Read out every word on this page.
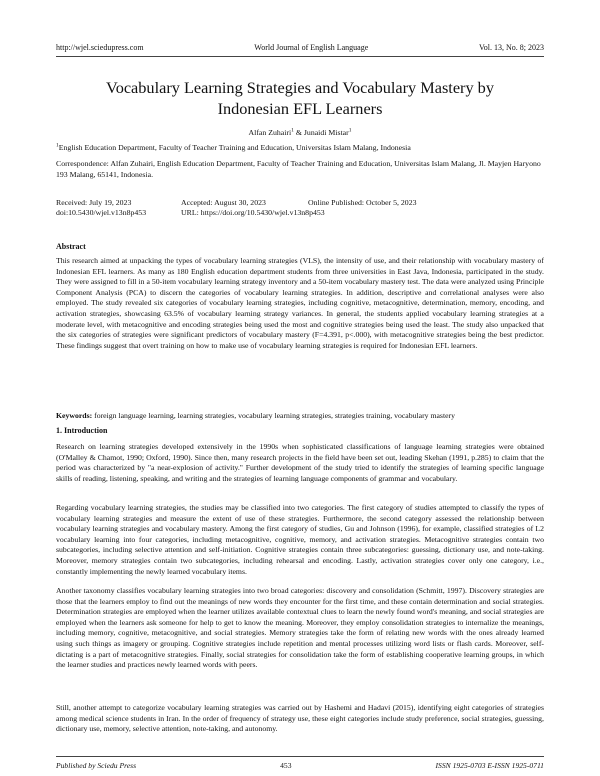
http://wjel.sciedupress.com	World Journal of English Language	Vol. 13, No. 8; 2023
Vocabulary Learning Strategies and Vocabulary Mastery by Indonesian EFL Learners
Alfan Zuhairi$^1$ & Junaidi Mistar$^1$
$^1$English Education Department, Faculty of Teacher Training and Education, Universitas Islam Malang, Indonesia
Correspondence: Alfan Zuhairi, English Education Department, Faculty of Teacher Training and Education, Universitas Islam Malang, Jl. Mayjen Haryono 193 Malang, 65141, Indonesia.
Received: July 19, 2023	Accepted: August 30, 2023	Online Published: October 5, 2023
doi:10.5430/wjel.v13n8p453	URL: https://doi.org/10.5430/wjel.v13n8p453
Abstract
This research aimed at unpacking the types of vocabulary learning strategies (VLS), the intensity of use, and their relationship with vocabulary mastery of Indonesian EFL learners. As many as 180 English education department students from three universities in East Java, Indonesia, participated in the study. They were assigned to fill in a 50-item vocabulary learning strategy inventory and a 50-item vocabulary mastery test. The data were analyzed using Principle Component Analysis (PCA) to discern the categories of vocabulary learning strategies. In addition, descriptive and correlational analyses were also employed. The study revealed six categories of vocabulary learning strategies, including cognitive, metacognitive, determination, memory, encoding, and activation strategies, showcasing 63.5% of vocabulary learning strategy variances. In general, the students applied vocabulary learning strategies at a moderate level, with metacognitive and encoding strategies being used the most and cognitive strategies being used the least. The study also unpacked that the six categories of strategies were significant predictors of vocabulary mastery (F=4.391, p<.000), with metacognitive strategies being the best predictor. These findings suggest that overt training on how to make use of vocabulary learning strategies is required for Indonesian EFL learners.
Keywords: foreign language learning, learning strategies, vocabulary learning strategies, strategies training, vocabulary mastery
1. Introduction
Research on learning strategies developed extensively in the 1990s when sophisticated classifications of language learning strategies were obtained (O'Malley & Chamot, 1990; Oxford, 1990). Since then, many research projects in the field have been set out, leading Skehan (1991, p.285) to claim that the period was characterized by "a near-explosion of activity." Further development of the study tried to identify the strategies of learning specific language skills of reading, listening, speaking, and writing and the strategies of learning language components of grammar and vocabulary.
Regarding vocabulary learning strategies, the studies may be classified into two categories. The first category of studies attempted to classify the types of vocabulary learning strategies and measure the extent of use of these strategies. Furthermore, the second category assessed the relationship between vocabulary learning strategies and vocabulary mastery. Among the first category of studies, Gu and Johnson (1996), for example, classified strategies of L2 vocabulary learning into four categories, including metacognitive, cognitive, memory, and activation strategies. Metacognitive strategies contain two subcategories, including selective attention and self-initiation. Cognitive strategies contain three subcategories: guessing, dictionary use, and note-taking. Moreover, memory strategies contain two subcategories, including rehearsal and encoding. Lastly, activation strategies cover only one category, i.e., constantly implementing the newly learned vocabulary items.
Another taxonomy classifies vocabulary learning strategies into two broad categories: discovery and consolidation (Schmitt, 1997). Discovery strategies are those that the learners employ to find out the meanings of new words they encounter for the first time, and these contain determination and social strategies. Determination strategies are employed when the learner utilizes available contextual clues to learn the newly found word's meaning, and social strategies are employed when the learners ask someone for help to get to know the meaning. Moreover, they employ consolidation strategies to internalize the meanings, including memory, cognitive, metacognitive, and social strategies. Memory strategies take the form of relating new words with the ones already learned using such things as imagery or grouping. Cognitive strategies include repetition and mental processes utilizing word lists or flash cards. Moreover, self-dictating is a part of metacognitive strategies. Finally, social strategies for consolidation take the form of establishing cooperative learning groups, in which the learner studies and practices newly learned words with peers.
Still, another attempt to categorize vocabulary learning strategies was carried out by Hashemi and Hadavi (2015), identifying eight categories of strategies among medical science students in Iran. In the order of frequency of strategy use, these eight categories include study preference, social strategies, guessing, dictionary use, memory, selective attention, note-taking, and autonomy.
Published by Sciedu Press	453	ISSN 1925-0703 E-ISSN 1925-0711
